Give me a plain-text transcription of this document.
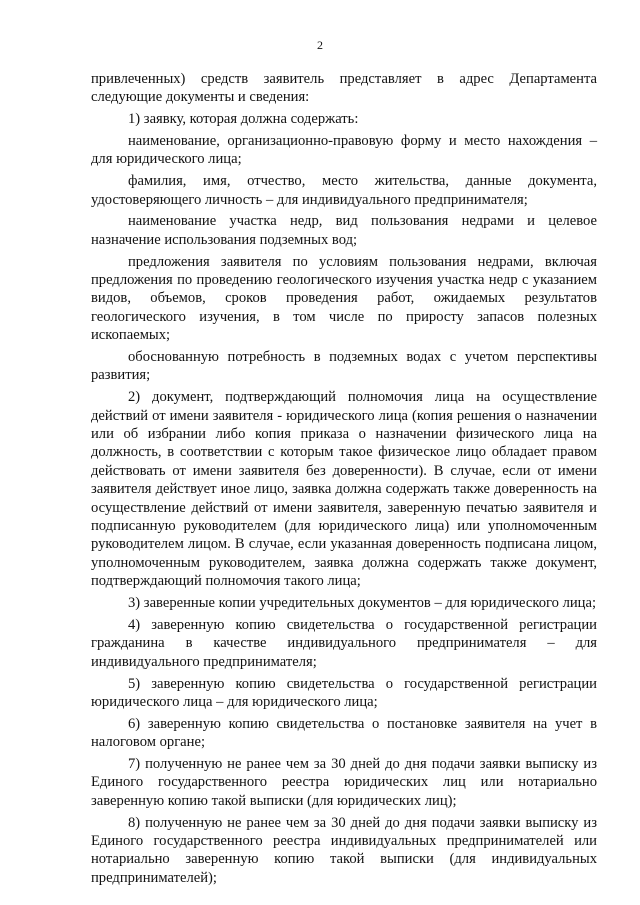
2

привлеченных) средств заявитель представляет в адрес Департамента следующие документы и сведения:

1) заявку, которая должна содержать:

наименование, организационно-правовую форму и место нахождения – для юридического лица;

фамилия, имя, отчество, место жительства, данные документа, удостоверяющего личность – для индивидуального предпринимателя;

наименование участка недр, вид пользования недрами и целевое назначение использования подземных вод;

предложения заявителя по условиям пользования недрами, включая предложения по проведению геологического изучения участка недр с указанием видов, объемов, сроков проведения работ, ожидаемых результатов геологического изучения, в том числе по приросту запасов полезных ископаемых;

обоснованную потребность в подземных водах с учетом перспективы развития;

2) документ, подтверждающий полномочия лица на осуществление действий от имени заявителя - юридического лица (копия решения о назначении или об избрании либо копия приказа о назначении физического лица на должность, в соответствии с которым такое физическое лицо обладает правом действовать от имени заявителя без доверенности). В случае, если от имени заявителя действует иное лицо, заявка должна содержать также доверенность на осуществление действий от имени заявителя, заверенную печатью заявителя и подписанную руководителем (для юридического лица) или уполномоченным руководителем лицом. В случае, если указанная доверенность подписана лицом, уполномоченным руководителем, заявка должна содержать также документ, подтверждающий полномочия такого лица;

3) заверенные копии учредительных документов – для юридического лица;

4) заверенную копию свидетельства о государственной регистрации гражданина в качестве индивидуального предпринимателя – для индивидуального предпринимателя;

5) заверенную копию свидетельства о государственной регистрации юридического лица – для юридического лица;

6) заверенную копию свидетельства о постановке заявителя на учет в налоговом органе;

7) полученную не ранее чем за 30 дней до дня подачи заявки выписку из Единого государственного реестра юридических лиц или нотариально заверенную копию такой выписки (для юридических лиц);

8) полученную не ранее чем за 30 дней до дня подачи заявки выписку из Единого государственного реестра индивидуальных предпринимателей или нотариально заверенную копию такой выписки (для индивидуальных предпринимателей);
